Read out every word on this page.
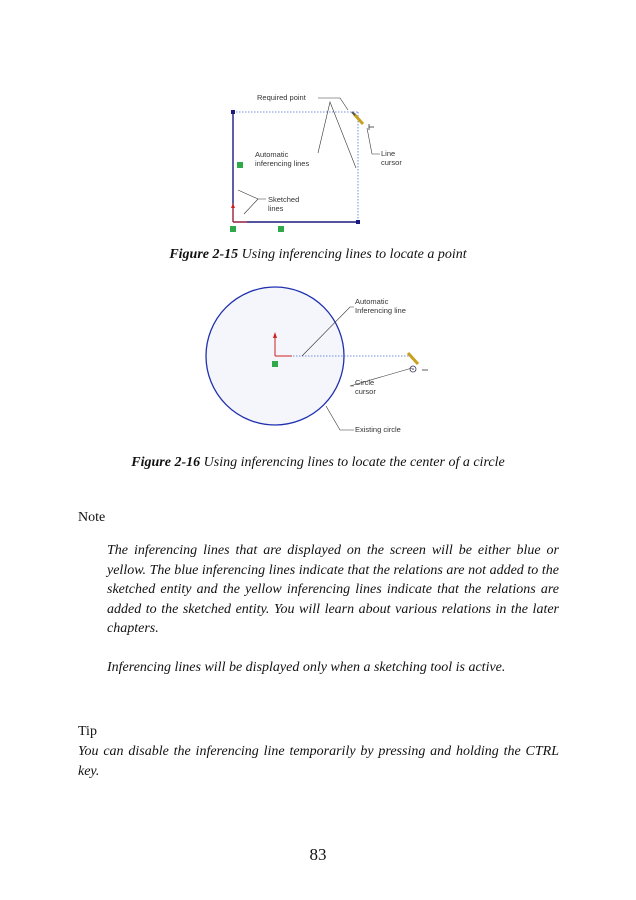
Required point
Automatic
inferencing lines
Line
cursor
Sketched
lines
Figure 2-15 Using inferencing lines to locate a point
Automatic
Inferencing line
Circle
cursor
Existing circle
Figure 2-16 Using inferencing lines to locate the center of a circle
Note
The inferencing lines that are displayed on the screen will be either blue or yellow. The blue inferencing lines indicate that the relations are not added to the sketched entity and the yellow inferencing lines indicate that the relations are added to the sketched entity. You will learn about various relations in the later chapters.
Inferencing lines will be displayed only when a sketching tool is active.
Tip
You can disable the inferencing line temporarily by pressing and holding the CTRL key.
83
